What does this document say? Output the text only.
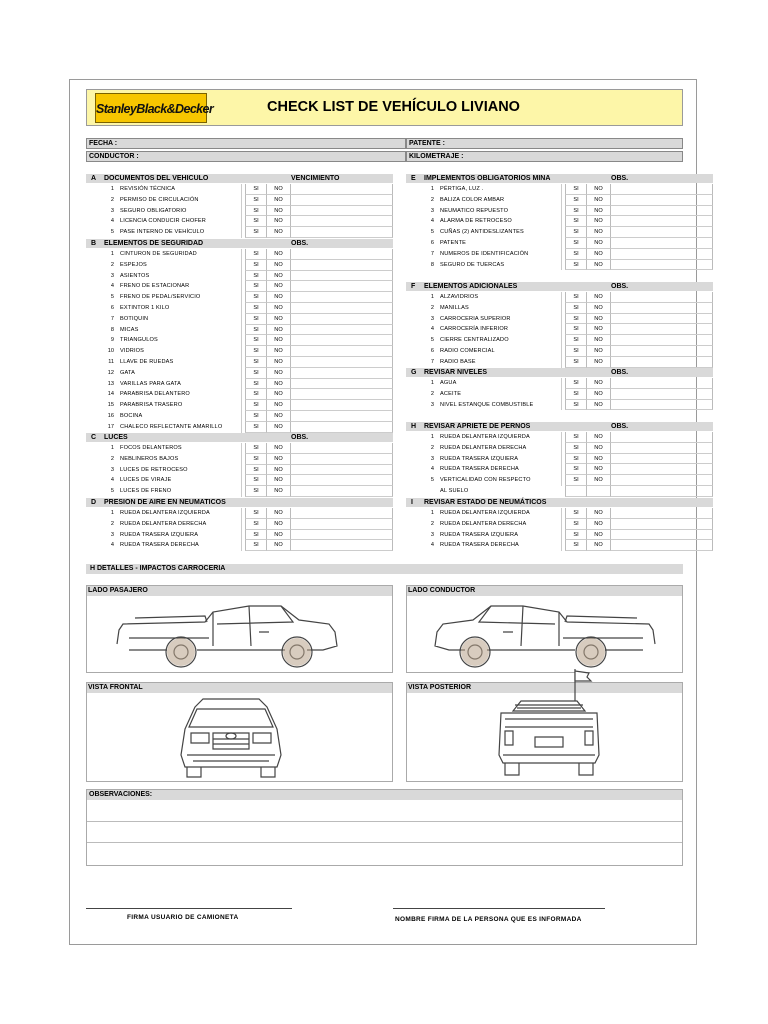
StanleyBlack&Decker	CHECK LIST DE VEHÍCULO LIVIANO
FECHA :	PATENTE :
CONDUCTOR :	KILOMETRAJE :
A DOCUMENTOS DEL VEHICULO	VENCIMIENTO
1 REVISIÓN TÉCNICA	SI	NO
2 PERMISO DE CIRCULACIÓN	SI	NO
3 SEGURO OBLIGATORIO	SI	NO
4 LICENCIA CONDUCIR CHOFER	SI	NO
5 PASE INTERNO DE VEHÍCULO	SI	NO
B ELEMENTOS DE SEGURIDAD	OBS.
1 CINTURON DE SEGURIDAD	SI	NO
2 ESPEJOS	SI	NO
3 ASIENTOS	SI	NO
4 FRENO DE ESTACIONAR	SI	NO
5 FRENO DE PEDAL/SERVICIO	SI	NO
6 EXTINTOR 1 KILO	SI	NO
7 BOTIQUIN	SI	NO
8 MICAS	SI	NO
9 TRIANGULOS	SI	NO
10 VIDRIOS	SI	NO
11 LLAVE DE RUEDAS	SI	NO
12 GATA	SI	NO
13 VARILLAS PARA GATA	SI	NO
14 PARABRISA DELANTERO	SI	NO
15 PARABRISA TRASERO	SI	NO
16 BOCINA	SI	NO
17 CHALECO REFLECTANTE AMARILLO	SI	NO
C LUCES	OBS.
1 FOCOS DELANTEROS	SI	NO
2 NEBLINEROS BAJOS	SI	NO
3 LUCES DE RETROCESO	SI	NO
4 LUCES DE VIRAJE	SI	NO
5 LUCES DE FRENO	SI	NO
D PRESION DE AIRE EN NEUMATICOS
1 RUEDA DELANTERA IZQUIERDA	SI	NO
2 RUEDA DELANTERA DERECHA	SI	NO
3 RUEDA TRASERA IZQUIERA	SI	NO
4 RUEDA TRASERA DERECHA	SI	NO
E IMPLEMENTOS OBLIGATORIOS MINA	OBS.
1 PÉRTIGA, LUZ .	SI	NO
2 BALIZA COLOR AMBAR	SI	NO
3 NEUMATICO REPUESTO	SI	NO
4 ALARMA DE RETROCESO	SI	NO
5 CUÑAS (2) ANTIDESLIZANTES	SI	NO
6 PATENTE	SI	NO
7 NUMEROS DE IDENTIFICACIÓN	SI	NO
8 SEGURO DE TUERCAS	SI	NO
F ELEMENTOS ADICIONALES	OBS.
1 ALZAVIDRIOS	SI	NO
2 MANILLAS	SI	NO
3 CARROCERIA SUPERIOR	SI	NO
4 CARROCERÍA INFERIOR	SI	NO
5 CIERRE CENTRALIZADO	SI	NO
6 RADIO COMERCIAL	SI	NO
7 RADIO BASE	SI	NO
G REVISAR NIVELES	OBS.
1 AGUA	SI	NO
2 ACEITE	SI	NO
3 NIVEL ESTANQUE COMBUSTIBLE	SI	NO
H REVISAR APRIETE DE PERNOS	OBS.
1 RUEDA DELANTERA IZQUIERDA	SI	NO
2 RUEDA DELANTERA DERECHA	SI	NO
3 RUEDA TRASERA IZQUIERA	SI	NO
4 RUEDA TRASERA DERECHA	SI	NO
5 VERTICALIDAD CON RESPECTO	SI	NO
AL SUELO
I REVISAR ESTADO DE NEUMÁTICOS
1 RUEDA DELANTERA IZQUIERDA	SI	NO
2 RUEDA DELANTERA DERECHA	SI	NO
3 RUEDA TRASERA IZQUIERA	SI	NO
4 RUEDA TRASERA DERECHA	SI	NO
H DETALLES - IMPACTOS CARROCERIA
LADO PASAJERO	LADO CONDUCTOR
VISTA FRONTAL	VISTA POSTERIOR
OBSERVACIONES:
FIRMA USUARIO DE CAMIONETA	NOMBRE FIRMA DE LA PERSONA QUE ES INFORMADA
